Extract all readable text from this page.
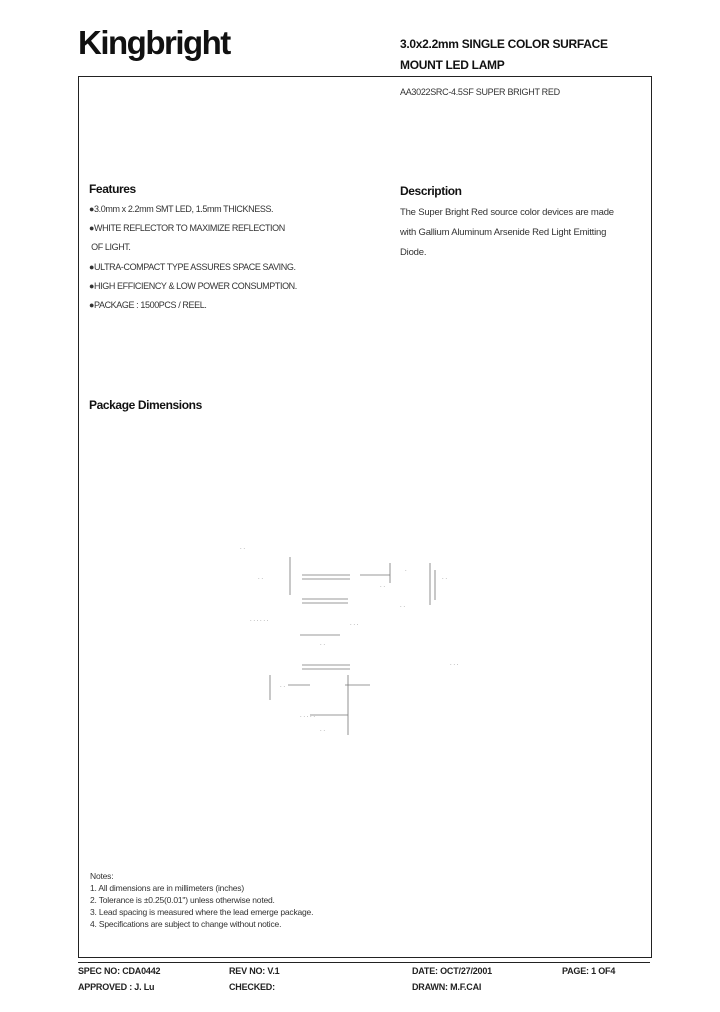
Kingbright	3.0x2.2mm SINGLE COLOR SURFACE
MOUNT LED LAMP
AA3022SRC-4.5SF SUPER BRIGHT RED
Features
●3.0mm x 2.2mm SMT LED, 1.5mm THICKNESS.
●WHITE REFLECTOR TO MAXIMIZE REFLECTION
OF LIGHT.
●ULTRA-COMPACT TYPE ASSURES SPACE SAVING.
●HIGH EFFICIENCY & LOW POWER CONSUMPTION.
●PACKAGE : 1500PCS / REEL.
Description
The Super Bright Red source color devices are made
with Gallium Aluminum Arsenide Red Light Emitting
Diode.
Package Dimensions
. .
. .
. .
.
. .
. . . . . .
. . .
. .
. .
. . .
. .
. . . . .
. .
Notes:
1. All dimensions are in millimeters (inches)
2. Tolerance is ±0.25(0.01") unless otherwise noted.
3. Lead spacing is measured where the lead emerge package.
4. Specifications are subject to change without notice.
SPEC NO: CDA0442	REV NO: V.1	DATE: OCT/27/2001	PAGE: 1 OF4
APPROVED : J. Lu	CHECKED:	DRAWN: M.F.CAI
